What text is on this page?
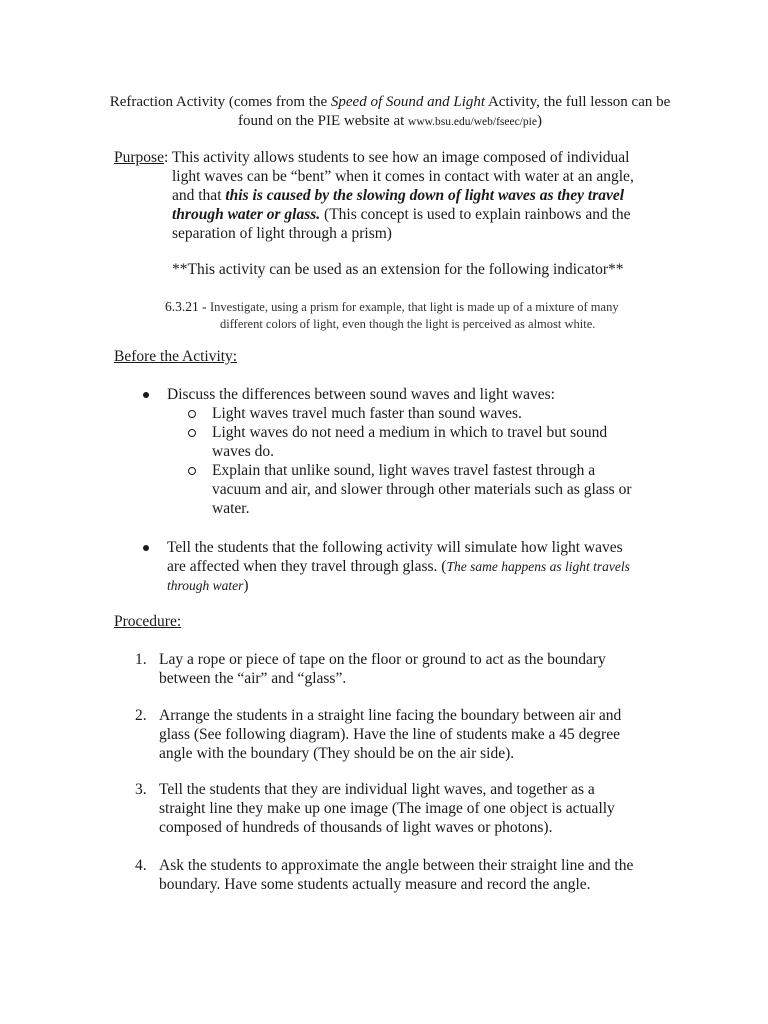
Refraction Activity (comes from the Speed of Sound and Light Activity, the full lesson can be
found on the PIE website at www.bsu.edu/web/fseec/pie)
Purpose: This activity allows students to see how an image composed of individual
light waves can be “bent” when it comes in contact with water at an angle,
and that this is caused by the slowing down of light waves as they travel
through water or glass. (This concept is used to explain rainbows and the
separation of light through a prism)
**This activity can be used as an extension for the following indicator**
6.3.21 - Investigate, using a prism for example, that light is made up of a mixture of many
different colors of light, even though the light is perceived as almost white.
Before the Activity:
Discuss the differences between sound waves and light waves:
Light waves travel much faster than sound waves.
Light waves do not need a medium in which to travel but sound
waves do.
Explain that unlike sound, light waves travel fastest through a
vacuum and air, and slower through other materials such as glass or
water.
Tell the students that the following activity will simulate how light waves
are affected when they travel through glass. (The same happens as light travels
through water)
Procedure:
1. Lay a rope or piece of tape on the floor or ground to act as the boundary
between the “air” and “glass”.
2. Arrange the students in a straight line facing the boundary between air and
glass (See following diagram). Have the line of students make a 45 degree
angle with the boundary (They should be on the air side).
3. Tell the students that they are individual light waves, and together as a
straight line they make up one image (The image of one object is actually
composed of hundreds of thousands of light waves or photons).
4. Ask the students to approximate the angle between their straight line and the
boundary. Have some students actually measure and record the angle.
